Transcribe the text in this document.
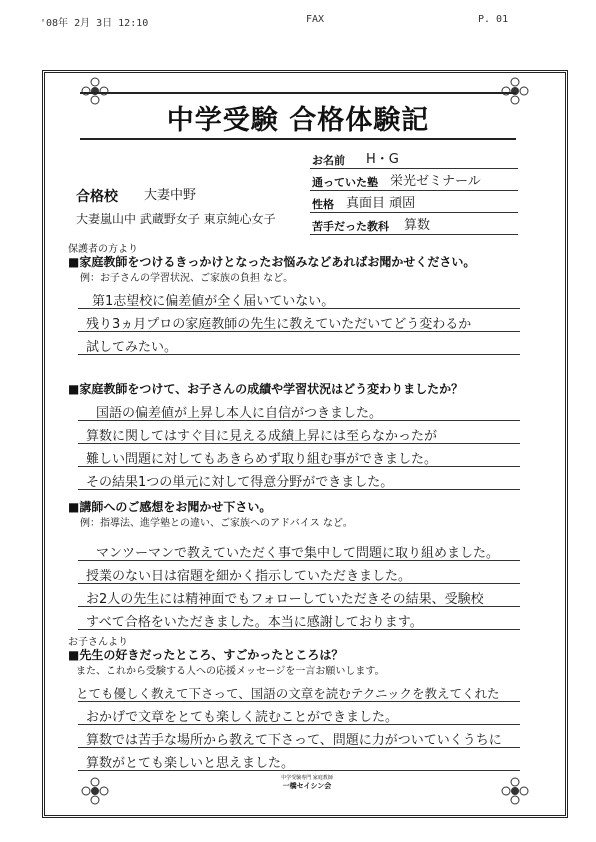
'08年 2月 3日 12:10	FAX	P. 01
中学受験 合格体験記
お名前 H・G
通っていた塾 栄光ゼミナール
性格 真面目 頑固
苦手だった教科 算数
合格校 大妻中野
大妻嵐山中 武蔵野女子 東京純心女子
保護者の方より
■家庭教師をつけるきっかけとなったお悩みなどあればお聞かせください。
例：お子さんの学習状況、ご家族の負担 など。
第1志望校に偏差値が全く届いていない。
残り3ヵ月プロの家庭教師の先生に教えていただいてどう変わるか
試してみたい。
■家庭教師をつけて、お子さんの成績や学習状況はどう変わりましたか？
国語の偏差値が上昇し本人に自信がつきました。
算数に関してはすぐ目に見える成績上昇には至らなかったが
難しい問題に対してもあきらめず取り組む事ができました。
その結果1つの単元に対して得意分野ができました。
■講師へのご感想をお聞かせ下さい。
例：指導法、進学塾との違い、ご家族へのアドバイス など。
マンツーマンで教えていただく事で集中して問題に取り組めました。
授業のない日は宿題を細かく指示していただきました。
お2人の先生には精神面でもフォローしていただきその結果、受験校
すべて合格をいただきました。本当に感謝しております。
お子さんより
■先生の好きだったところ、すごかったところは？
また、これから受験する人への応援メッセージを一言お願いします。
とても優しく教えて下さって、国語の文章を読むテクニックを教えてくれた
おかげで文章をとても楽しく読むことができました。
算数では苦手な場所から教えて下さって、問題に力がついていくうちに
算数がとても楽しいと思えました。
中学受験専門 家庭教師
一橋セイシン会
